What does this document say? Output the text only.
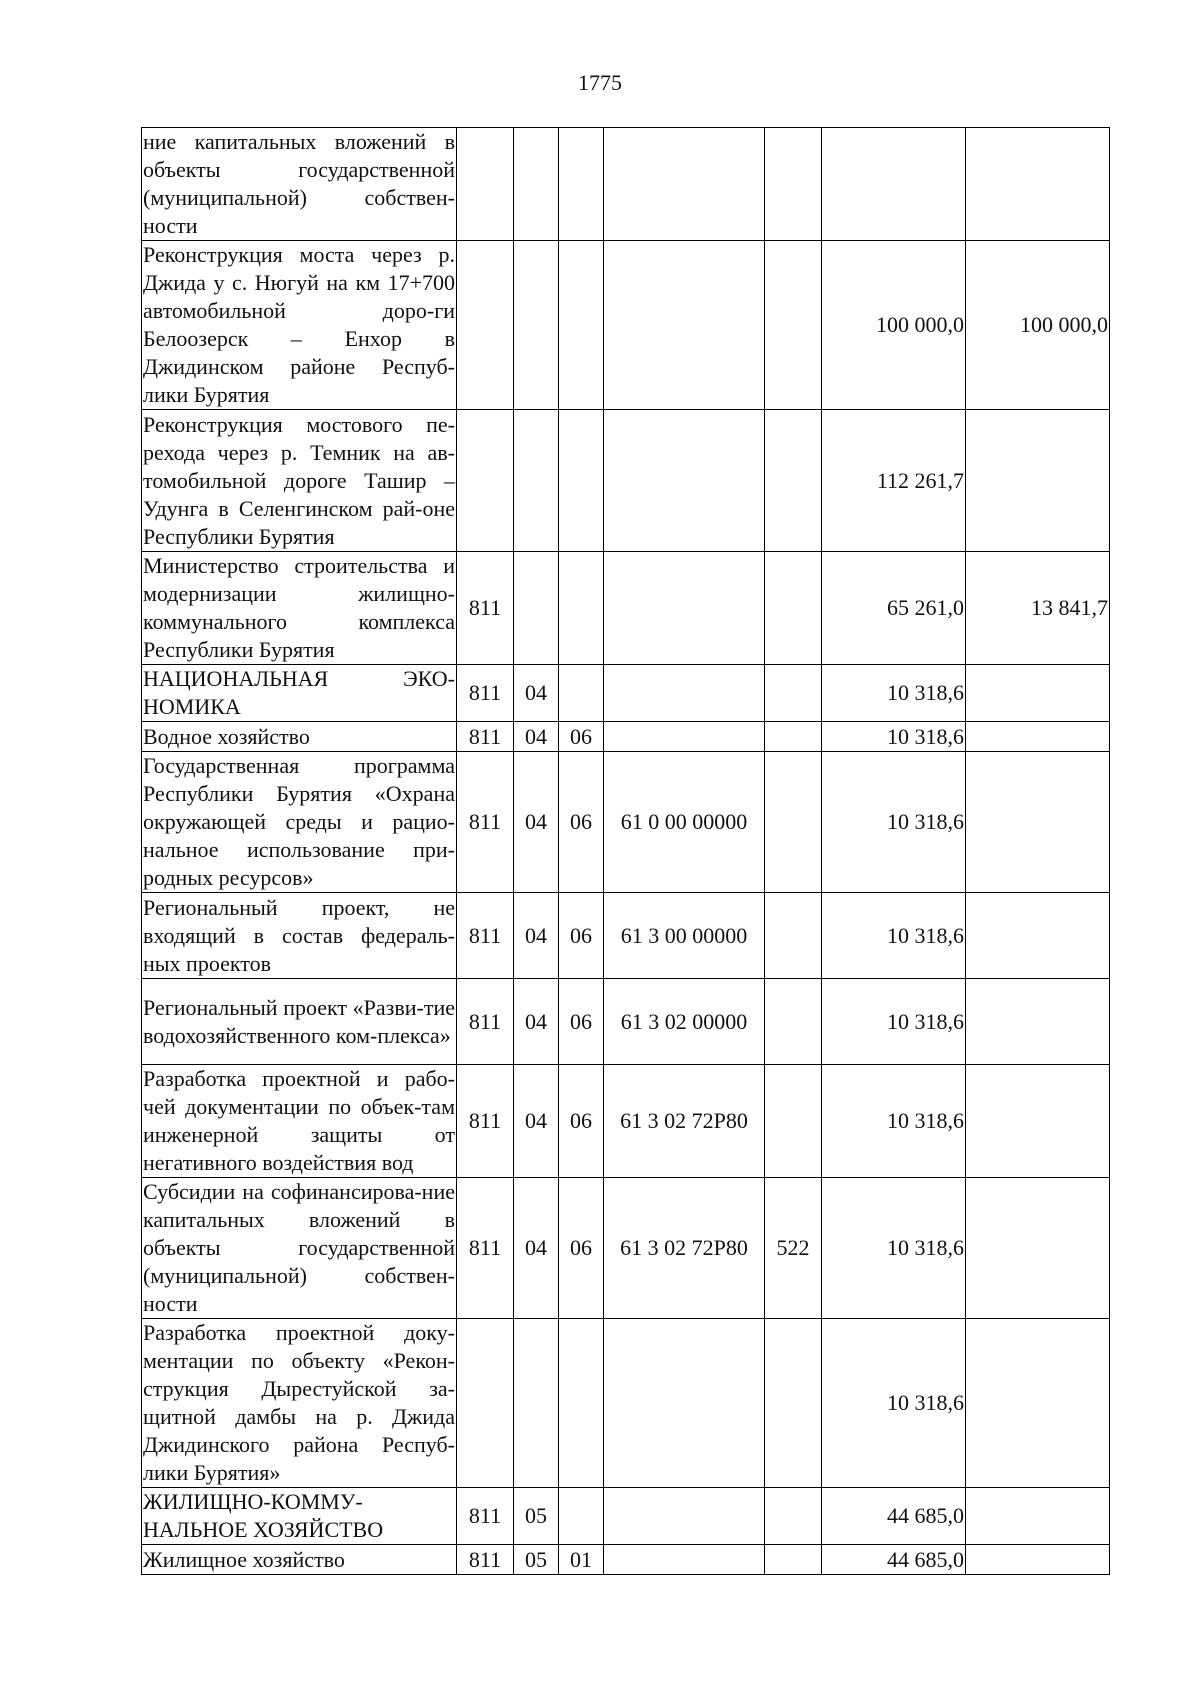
1775
ние капитальных вложений в объекты государственной (муниципальной) собствен-ности							
Реконструкция моста через р. Джида у с. Нюгуй на км 17+700 автомобильной доро-ги Белоозерск – Енхор в Джидинском районе Респуб-лики Бурятия						100 000,0	100 000,0
Реконструкция мостового пе-рехода через р. Темник на ав-томобильной дороге Ташир – Удунга в Селенгинском рай-оне Республики Бурятия						112 261,7	
Министерство строительства и модернизации жилищно-коммунального комплекса Республики Бурятия	811					65 261,0	13 841,7
НАЦИОНАЛЬНАЯ ЭКО-НОМИКА	811	04				10 318,6	
Водное хозяйство	811	04	06			10 318,6	
Государственная программа Республики Бурятия «Охрана окружающей среды и рацио-нальное использование при-родных ресурсов»	811	04	06	61 0 00 00000		10 318,6	
Региональный проект, не входящий в состав федераль-ных проектов	811	04	06	61 3 00 00000		10 318,6	
Региональный проект «Разви-тие водохозяйственного ком-плекса»	811	04	06	61 3 02 00000		10 318,6	
Разработка проектной и рабо-чей документации по объек-там инженерной защиты от негативного воздействия вод	811	04	06	61 3 02 72Р80		10 318,6	
Субсидии на софинансирова-ние капитальных вложений в объекты государственной (муниципальной) собствен-ности	811	04	06	61 3 02 72Р80	522	10 318,6	
Разработка проектной доку-ментации по объекту «Рекон-струкция Дырестуйской за-щитной дамбы на р. Джида Джидинского района Респуб-лики Бурятия»						10 318,6	
ЖИЛИЩНО-КОММУ-НАЛЬНОЕ ХОЗЯЙСТВО	811	05				44 685,0	
Жилищное хозяйство	811	05	01			44 685,0	
